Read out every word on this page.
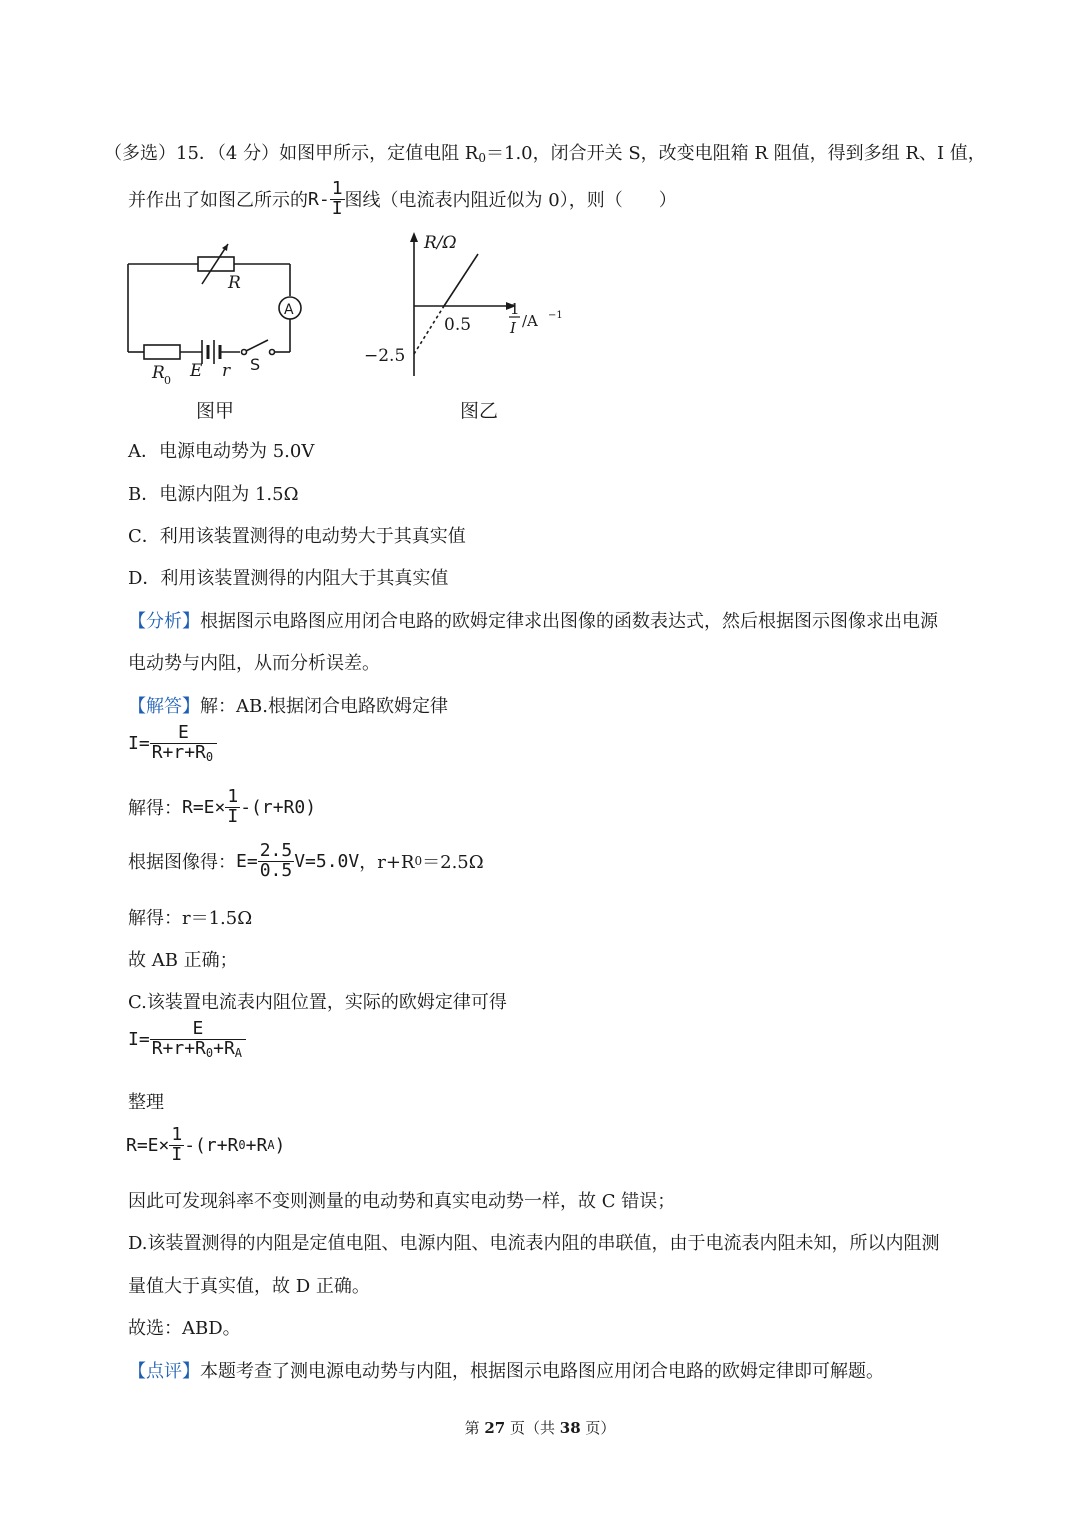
（多选）15．（4 分）如图甲所示，定值电阻 $R_0=1.0$，闭合开关 S，改变电阻箱 R 阻值，得到多组 R、I 值，
并作出了如图乙所示的 $R- \frac{1}{I}$ 图线（电流表内阻近似为 0），则（　　）
R
A
R 0 E r S
图甲
R/Ω
0.5
−2.5
1
I /A −1
图乙
A．电源电动势为 5.0V
B．电源内阻为 1.5Ω
C．利用该装置测得的电动势大于其真实值
D．利用该装置测得的内阻大于其真实值
【分析】根据图示电路图应用闭合电路的欧姆定律求出图像的函数表达式，然后根据图示图像求出电源
电动势与内阻，从而分析误差。
【解答】解：AB.根据闭合电路欧姆定律
$I= \frac{E}{R+r+R_0}$
解得： $R=E\times \frac{1}{I} -(r+R$ 0 )
根据图像得： $E= \frac{2.5}{0.5} V=5.0V$ ，r+R 0 ＝2.5Ω
解得：r＝1.5Ω
故 AB 正确；
C.该装置电流表内阻位置，实际的欧姆定律可得
$I= \frac{E}{R+r+R_0+R_A}$
整理
$R=E\times \frac{1}{I} -(r+R$ 0 +R A )
因此可发现斜率不变则测量的电动势和真实电动势一样，故 C 错误；
D.该装置测得的内阻是定值电阻、电源内阻、电流表内阻的串联值，由于电流表内阻未知，所以内阻测
量值大于真实值，故 D 正确。
故选：ABD。
【点评】本题考查了测电源电动势与内阻，根据图示电路图应用闭合电路的欧姆定律即可解题。
第 27 页（共 38 页）
